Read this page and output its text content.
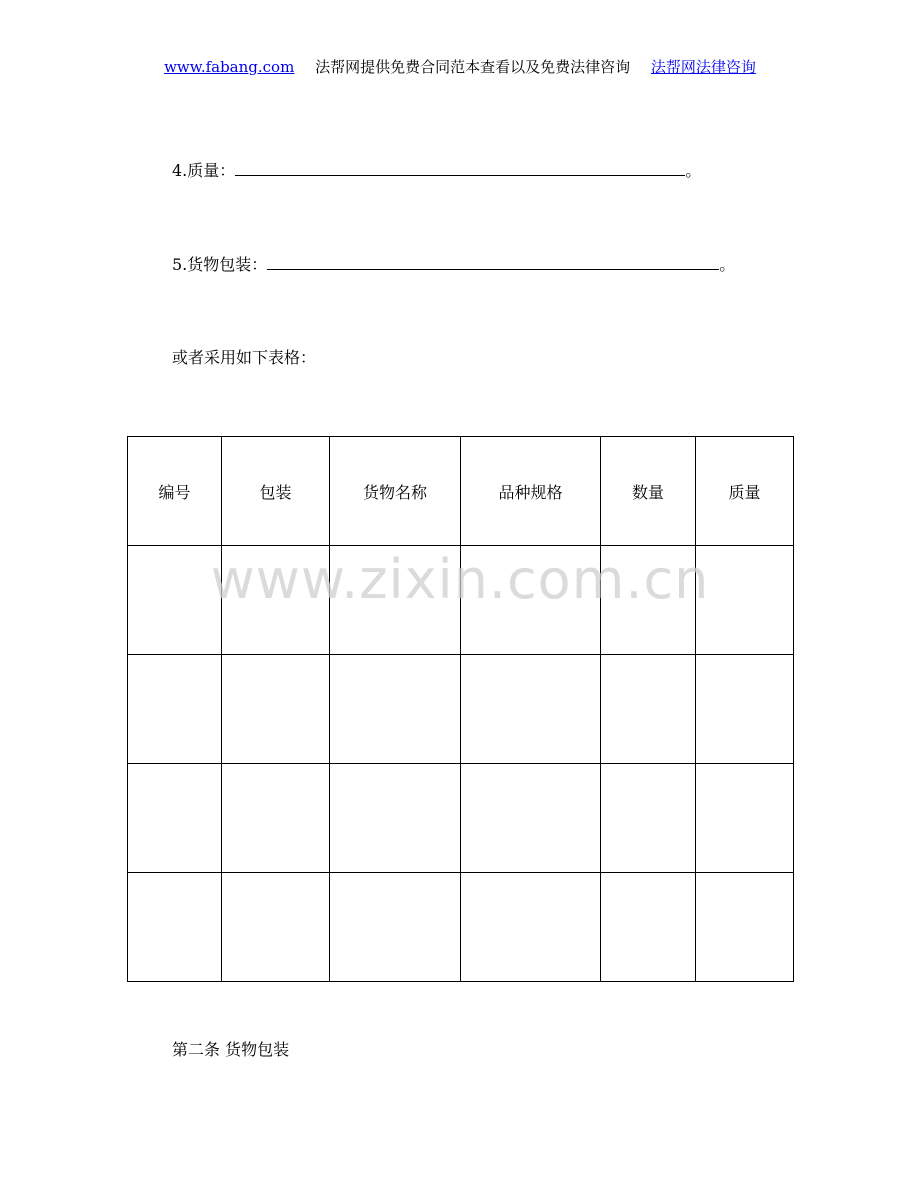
www.fabang.com 法帮网提供免费合同范本查看以及免费法律咨询 法帮网法律咨询
4.质量：	。
5.货物包装：	。
或者采用如下表格：
编号	包装	货物名称	品种规格	数量	质量

www.zixin.com.cn
第二条 货物包装
